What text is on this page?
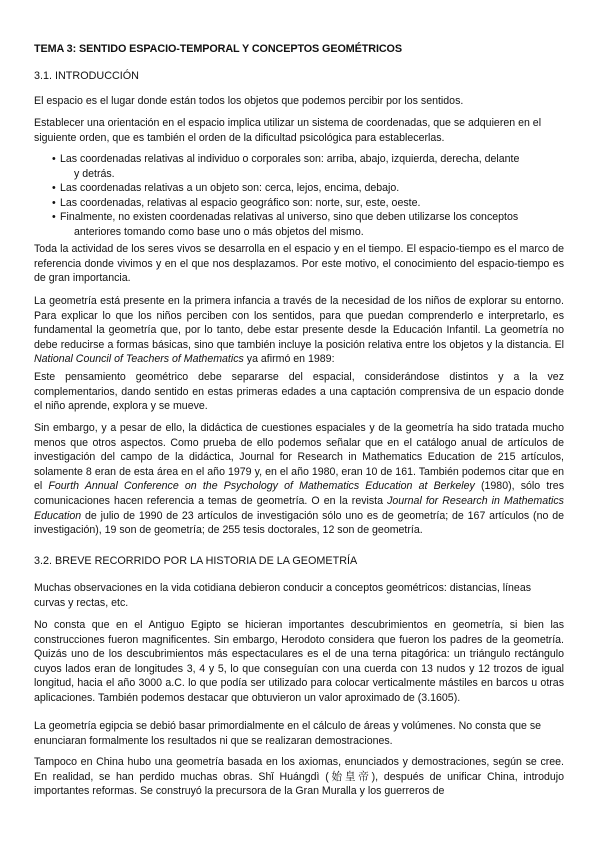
TEMA 3: SENTIDO ESPACIO-TEMPORAL Y CONCEPTOS GEOMÉTRICOS
3.1. INTRODUCCIÓN

El espacio es el lugar donde están todos los objetos que podemos percibir por los sentidos.

Establecer una orientación en el espacio implica utilizar un sistema de coordenadas, que se adquieren en el siguiente orden, que es también el orden de la dificultad psicológica para establecerlas.

• Las coordenadas relativas al individuo o corporales son: arriba, abajo, izquierda, derecha, delante
y detrás.
• Las coordenadas relativas a un objeto son: cerca, lejos, encima, debajo.
• Las coordenadas, relativas al espacio geográfico son: norte, sur, este, oeste.
• Finalmente, no existen coordenadas relativas al universo, sino que deben utilizarse los conceptos
anteriores tomando como base uno o más objetos del mismo.

Toda la actividad de los seres vivos se desarrolla en el espacio y en el tiempo. El espacio-tiempo es el marco de referencia donde vivimos y en el que nos desplazamos. Por este motivo, el conocimiento del espacio-tiempo es de gran importancia.

La geometría está presente en la primera infancia a través de la necesidad de los niños de explorar su entorno. Para explicar lo que los niños perciben con los sentidos, para que puedan comprenderlo e interpretarlo, es fundamental la geometría que, por lo tanto, debe estar presente desde la Educación Infantil. La geometría no debe reducirse a formas básicas, sino que también incluye la posición relativa entre los objetos y la distancia. El National Council of Teachers of Mathematics ya afirmó en 1989:

Este pensamiento geométrico debe separarse del espacial, considerándose distintos y a la vez complementarios, dando sentido en estas primeras edades a una captación comprensiva de un espacio donde el niño aprende, explora y se mueve.

Sin embargo, y a pesar de ello, la didáctica de cuestiones espaciales y de la geometría ha sido tratada mucho menos que otros aspectos. Como prueba de ello podemos señalar que en el catálogo anual de artículos de investigación del campo de la didáctica, Journal for Research in Mathematics Education de 215 artículos, solamente 8 eran de esta área en el año 1979 y, en el año 1980, eran 10 de 161. También podemos citar que en el Fourth Annual Conference on the Psychology of Mathematics Education at Berkeley (1980), sólo tres comunicaciones hacen referencia a temas de geometría. O en la revista Journal for Research in Mathematics Education de julio de 1990 de 23 artículos de investigación sólo uno es de geometría; de 167 artículos (no de investigación), 19 son de geometría; de 255 tesis doctorales, 12 son de geometría.

3.2. BREVE RECORRIDO POR LA HISTORIA DE LA GEOMETRÍA

Muchas observaciones en la vida cotidiana debieron conducir a conceptos geométricos: distancias, líneas curvas y rectas, etc.

No consta que en el Antiguo Egipto se hicieran importantes descubrimientos en geometría, si bien las construcciones fueron magnificentes. Sin embargo, Herodoto considera que fueron los padres de la geometría. Quizás uno de los descubrimientos más espectaculares es el de una terna pitagórica: un triángulo rectángulo cuyos lados eran de longitudes 3, 4 y 5, lo que conseguían con una cuerda con 13 nudos y 12 trozos de igual longitud, hacia el año 3000 a.C. lo que podía ser utilizado para colocar verticalmente mástiles en barcos u otras aplicaciones. También podemos destacar que obtuvieron un valor aproximado de (3.1605).

La geometría egipcia se debió basar primordialmente en el cálculo de áreas y volúmenes. No consta que se enunciaran formalmente los resultados ni que se realizaran demostraciones.

Tampoco en China hubo una geometría basada en los axiomas, enunciados y demostraciones, según se cree. En realidad, se han perdido muchas obras. Shǐ Huángdì (始皇帝), después de unificar China, introdujo importantes reformas. Se construyó la precursora de la Gran Muralla y los guerreros de
